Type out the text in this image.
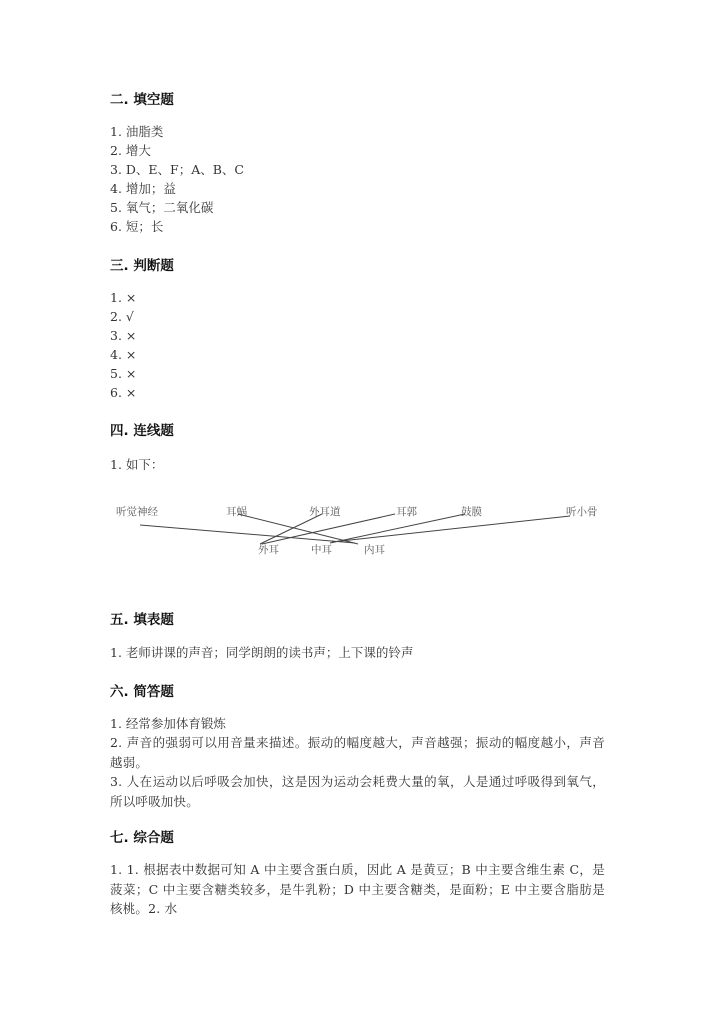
二. 填空题
1. 油脂类
2. 增大
3. D、E、F；A、B、C
4. 增加；益
5. 氧气；二氧化碳
6. 短；长
三. 判断题
1. ×
2. √
3. ×
4. ×
5. ×
6. ×
四. 连线题
1. 如下：
听觉神经	耳蜗	外耳道	耳郭	鼓膜	听小骨
外耳	中耳	内耳
五. 填表题
1. 老师讲课的声音；同学朗朗的读书声；上下课的铃声
六. 简答题
1. 经常参加体育锻炼
2. 声音的强弱可以用音量来描述。振动的幅度越大，声音越强；振动的幅度越小，声音越弱。
3. 人在运动以后呼吸会加快，这是因为运动会耗费大量的氧，人是通过呼吸得到氧气，所以呼吸加快。
七. 综合题
1. 1. 根据表中数据可知 A 中主要含蛋白质，因此 A 是黄豆；B 中主要含维生素 C，是菠菜；C 中主要含糖类较多，是牛乳粉；D 中主要含糖类，是面粉；E 中主要含脂肪是核桃。2. 水
